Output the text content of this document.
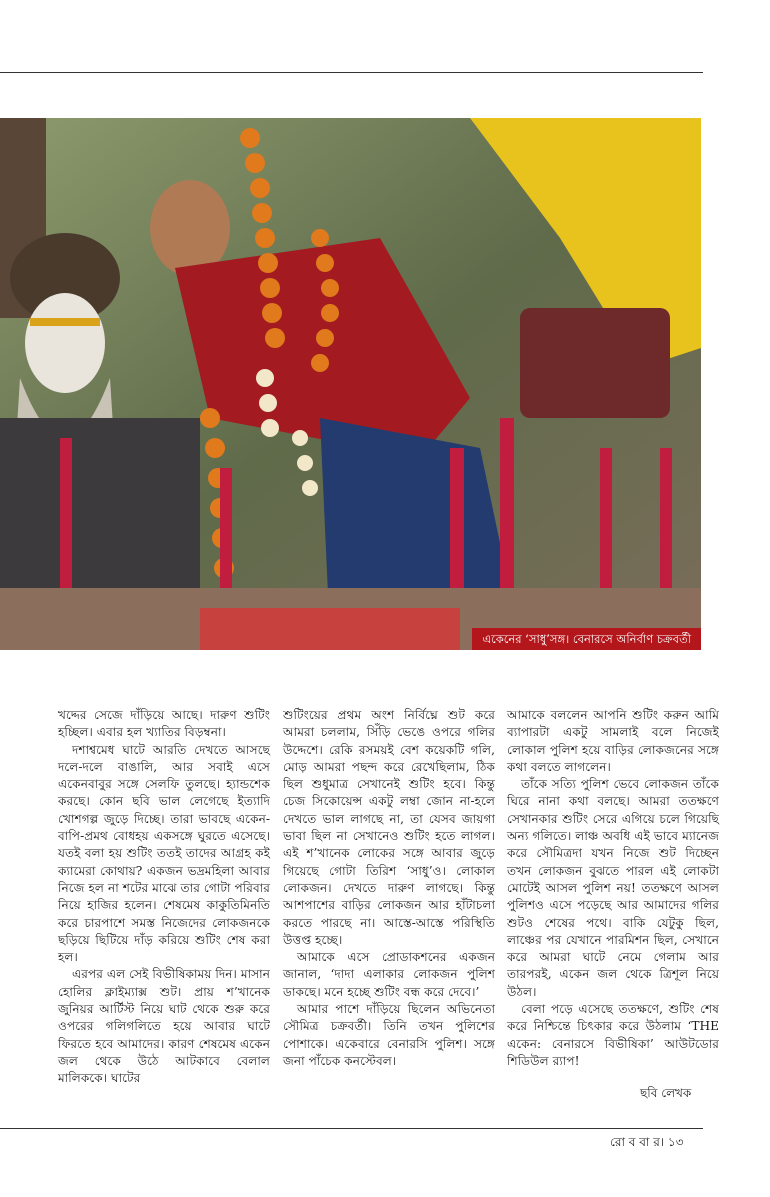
একেনের ‘সাধু’সঙ্গ। বেনারসে অনির্বাণ চক্রবর্তী

খদ্দের সেজে দাঁড়িয়ে আছে। দারুণ শুটিং হচ্ছিল। এবার হল খ্যাতির বিড়ম্বনা।

দশাশ্বমেধ ঘাটে আরতি দেখতে আসছে দলে-দলে বাঙালি, আর সবাই এসে একেনবাবুর সঙ্গে সেলফি তুলছে। হ্যান্ডশেক করছে। কোন ছবি ভাল লেগেছে ইত্যাদি খোশগল্প জুড়ে দিচ্ছে। তারা ভাবছে একেন-বাপি-প্রমথ বোধহয় একসঙ্গে ঘুরতে এসেছে। যতই বলা হয় শুটিং ততই তাদের আগ্রহ কই ক্যামেরা কোথায়? একজন ভদ্রমহিলা আবার নিজে হল না শটের মাঝে তার গোটা পরিবার নিয়ে হাজির হলেন। শেষমেষ কাকুতিমিনতি করে চারপাশে সমস্ত নিজেদের লোকজনকে ছড়িয়ে ছিটিয়ে দাঁড় করিয়ে শুটিং শেষ করা হল।

এরপর এল সেই বিভীষিকাময় দিন। মাসান হোলির ক্লাইম্যাক্স শুট। প্রায় শ’খানেক জুনিয়র আর্টিস্ট নিয়ে ঘাট থেকে শুরু করে ওপরের গলিগলিতে হয়ে আবার ঘাটে ফিরতে হবে আমাদের। কারণ শেষমেষ একেন জল থেকে উঠে আটকাবে বেলাল মালিককে। ঘাটের

শুটিংয়ের প্রথম অংশ নির্বিঘ্নে শুট করে আমরা চললাম, সিঁড়ি ভেঙে ওপরে গলির উদ্দেশে। রেকি রসময়ই বেশ কয়েকটি গলি, মোড় আমরা পছন্দ করে রেখেছিলাম, ঠিক ছিল শুধুমাত্র সেখানেই শুটিং হবে। কিন্তু চেজ সিকোয়েন্স একটু লম্বা জোন না-হলে দেখতে ভাল লাগছে না, তা যেসব জায়গা ভাবা ছিল না সেখানেও শুটিং হতে লাগল। এই শ’খানেক লোকের সঙ্গে আবার জুড়ে গিয়েছে গোটা তিরিশ ‘সাধু’ও। লোকাল লোকজন। দেখতে দারুণ লাগছে। কিন্তু আশপাশের বাড়ির লোকজন আর হাঁটাচলা করতে পারছে না। আস্তে-আস্তে পরিস্থিতি উত্তপ্ত হচ্ছে।

আমাকে এসে প্রোডাকশনের একজন জানাল, ‘দাদা এলাকার লোকজন পুলিশ ডাকছে। মনে হচ্ছে শুটিং বন্ধ করে দেবে।’

আমার পাশে দাঁড়িয়ে ছিলেন অভিনেতা সৌমিত্র চক্রবর্তী। তিনি তখন পুলিশের পোশাকে। একেবারে বেনারসি পুলিশ। সঙ্গে জনা পাঁচেক কনস্টেবল।

আমাকে বললেন আপনি শুটিং করুন আমি ব্যাপারটা একটু সামলাই বলে নিজেই লোকাল পুলিশ হয়ে বাড়ির লোকজনের সঙ্গে কথা বলতে লাগলেন।

তাঁকে সত্যি পুলিশ ভেবে লোকজন তাঁকে ঘিরে নানা কথা বলছে। আমরা ততক্ষণে সেখানকার শুটিং সেরে এগিয়ে চলে গিয়েছি অন্য গলিতে। লাঞ্চ অবধি এই ভাবে ম্যানেজ করে সৌমিত্রদা যখন নিজে শুট দিচ্ছেন তখন লোকজন বুঝতে পারল এই লোকটা মোটেই আসল পুলিশ নয়! ততক্ষণে আসল পুলিশও এসে পড়েছে আর আমাদের গলির শুটও শেষের পথে। বাকি যেটুকু ছিল, লাঞ্চের পর যেখানে পারমিশন ছিল, সেখানে করে আমরা ঘাটে নেমে গেলাম আর তারপরই, একেন জল থেকে ত্রিশূল নিয়ে উঠল।

বেলা পড়ে এসেছে ততক্ষণে, শুটিং শেষ করে নিশ্চিন্তে চিৎকার করে উঠলাম ‘THE একেন: বেনারসে বিভীষিকা’ আউটডোর শিডিউল র‍্যাপ!

ছবি লেখক
রো ব বা র। ১৩
